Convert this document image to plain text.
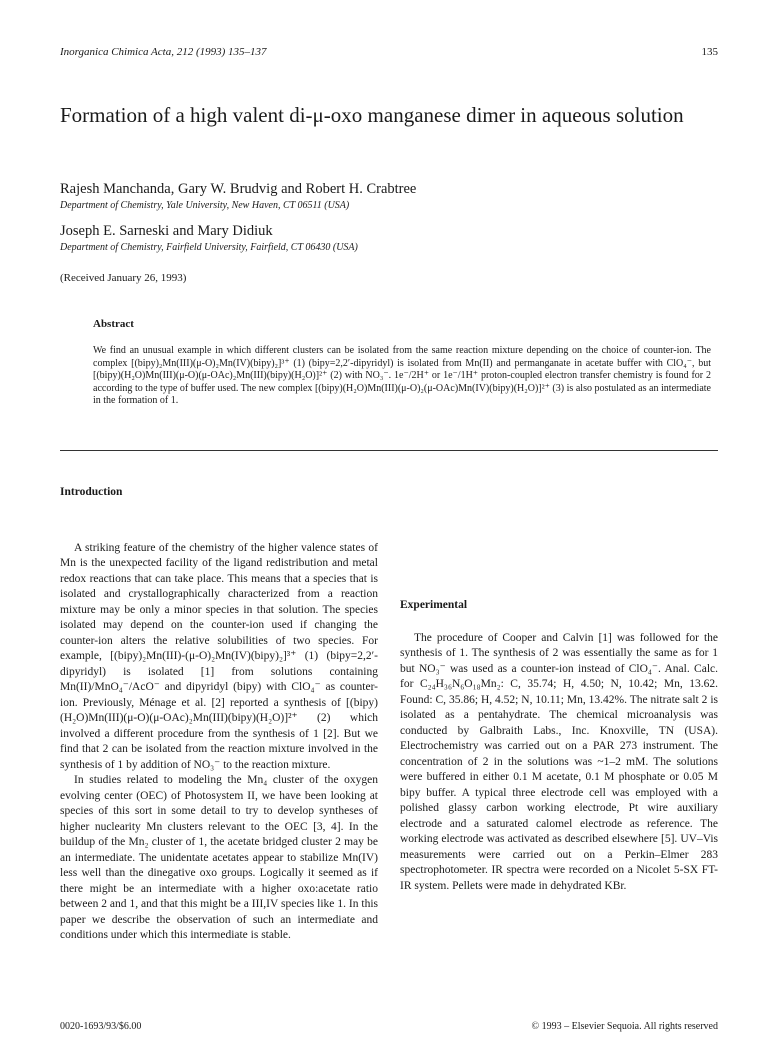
Inorganica Chimica Acta, 212 (1993) 135–137	135
Formation of a high valent di-μ-oxo manganese dimer in aqueous solution

Rajesh Manchanda, Gary W. Brudvig and Robert H. Crabtree

Department of Chemistry, Yale University, New Haven, CT 06511 (USA)

Joseph E. Sarneski and Mary Didiuk

Department of Chemistry, Fairfield University, Fairfield, CT 06430 (USA)

(Received January 26, 1993)
Abstract

We find an unusual example in which different clusters can be isolated from the same reaction mixture depending on the choice of counter-ion. The complex [(bipy)₂Mn(III)(μ-O)₂Mn(IV)(bipy)₂]³⁺ (1) (bipy=2,2′-dipyridyl) is isolated from Mn(II) and permanganate in acetate buffer with ClO₄⁻, but [(bipy)(H₂O)Mn(III)(μ-O)(μ-OAc)₂Mn(III)(bipy)(H₂O)]²⁺ (2) with NO₃⁻. 1e⁻/2H⁺ or 1e⁻/1H⁺ proton-coupled electron transfer chemistry is found for 2 according to the type of buffer used. The new complex [(bipy)(H₂O)Mn(III)(μ-O)₂(μ-OAc)Mn(IV)(bipy)(H₂O)]²⁺ (3) is also postulated as an intermediate in the formation of 1.

Introduction

A striking feature of the chemistry of the higher valence states of Mn is the unexpected facility of the ligand redistribution and metal redox reactions that can take place. This means that a species that is isolated and crystallographically characterized from a reaction mixture may be only a minor species in that solution. The species isolated may depend on the counter-ion used if changing the counter-ion alters the relative solubilities of two species. For example, [(bipy)₂Mn(III)-(μ-O)₂Mn(IV)(bipy)₂]³⁺ (1) (bipy=2,2′-dipyridyl) is isolated [1] from solutions containing Mn(II)/MnO₄⁻/AcO⁻ and dipyridyl (bipy) with ClO₄⁻ as counter-ion. Previously, Ménage et al. [2] reported a synthesis of [(bipy)(H₂O)Mn(III)(μ-O)(μ-OAc)₂Mn(III)(bipy)(H₂O)]²⁺ (2) which involved a different procedure from the synthesis of 1 [2]. But we find that 2 can be isolated from the reaction mixture involved in the synthesis of 1 by addition of NO₃⁻ to the reaction mixture.

In studies related to modeling the Mn₄ cluster of the oxygen evolving center (OEC) of Photosystem II, we have been looking at species of this sort in some detail to try to develop syntheses of higher nuclearity Mn clusters relevant to the OEC [3, 4]. In the buildup of the Mn₂ cluster of 1, the acetate bridged cluster 2 may be an intermediate. The unidentate acetates appear to stabilize Mn(IV) less well than the dinegative oxo groups. Logically it seemed as if there might be an intermediate with a higher oxo:acetate ratio between 2 and 1, and that this might be a III,IV species like 1. In this paper we describe the observation of such an intermediate and conditions under which this intermediate is stable.

Experimental

The procedure of Cooper and Calvin [1] was followed for the synthesis of 1. The synthesis of 2 was essentially the same as for 1 but NO₃⁻ was used as a counter-ion instead of ClO₄⁻. Anal. Calc. for C₂₄H₃₆N₆O₁₈Mn₂: C, 35.74; H, 4.50; N, 10.42; Mn, 13.62. Found: C, 35.86; H, 4.52; N, 10.11; Mn, 13.42%. The nitrate salt 2 is isolated as a pentahydrate. The chemical microanalysis was conducted by Galbraith Labs., Inc. Knoxville, TN (USA). Electrochemistry was carried out on a PAR 273 instrument. The concentration of 2 in the solutions was ~1–2 mM. The solutions were buffered in either 0.1 M acetate, 0.1 M phosphate or 0.05 M bipy buffer. A typical three electrode cell was employed with a polished glassy carbon working electrode, Pt wire auxiliary electrode and a saturated calomel electrode as reference. The working electrode was activated as described elsewhere [5]. UV–Vis measurements were carried out on a Perkin–Elmer 283 spectrophotometer. IR spectra were recorded on a Nicolet 5-SX FT-IR system. Pellets were made in dehydrated KBr.

0020-1693/93/$6.00	© 1993 – Elsevier Sequoia. All rights reserved
